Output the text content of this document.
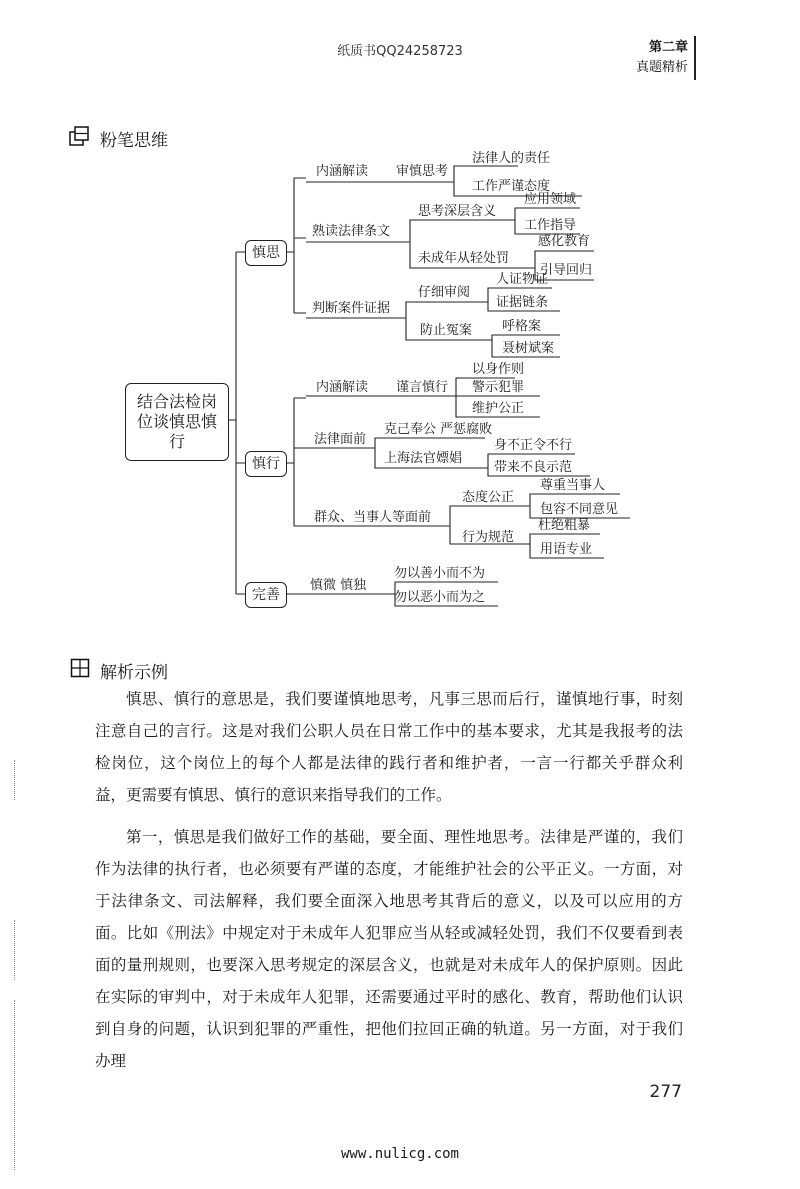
纸质书QQ24258723	第二章
真题精析
粉笔思维
结合法检岗位谈慎思慎行
慎思
慎行
完善
内涵解读 审慎思考
法律人的责任
工作严谨态度
熟读法律条文
思考深层含义
应用领域
工作指导
未成年从轻处罚
感化教育
引导回归
判断案件证据
仔细审阅
人证物证
证据链条
防止冤案 呼格案
聂树斌案
内涵解读 谨言慎行
以身作则
警示犯罪
维护公正
法律面前
克己奉公 严惩腐败
上海法官嫖娼
身不正令不行
带来不良示范
群众、当事人等面前
态度公正
尊重当事人
包容不同意见
行为规范
杜绝粗暴
用语专业
慎微 慎独
勿以善小而不为
勿以恶小而为之
解析示例

慎思、慎行的意思是，我们要谨慎地思考，凡事三思而后行，谨慎地行事，时刻注意自己的言行。这是对我们公职人员在日常工作中的基本要求，尤其是我报考的法检岗位，这个岗位上的每个人都是法律的践行者和维护者，一言一行都关乎群众利益，更需要有慎思、慎行的意识来指导我们的工作。

第一，慎思是我们做好工作的基础，要全面、理性地思考。法律是严谨的，我们作为法律的执行者，也必须要有严谨的态度，才能维护社会的公平正义。一方面，对于法律条文、司法解释，我们要全面深入地思考其背后的意义，以及可以应用的方面。比如《刑法》中规定对于未成年人犯罪应当从轻或减轻处罚，我们不仅要看到表面的量刑规则，也要深入思考规定的深层含义，也就是对未成年人的保护原则。因此在实际的审判中，对于未成年人犯罪，还需要通过平时的感化、教育，帮助他们认识到自身的问题，认识到犯罪的严重性，把他们拉回正确的轨道。另一方面，对于我们办理

277
www.nulicg.com
